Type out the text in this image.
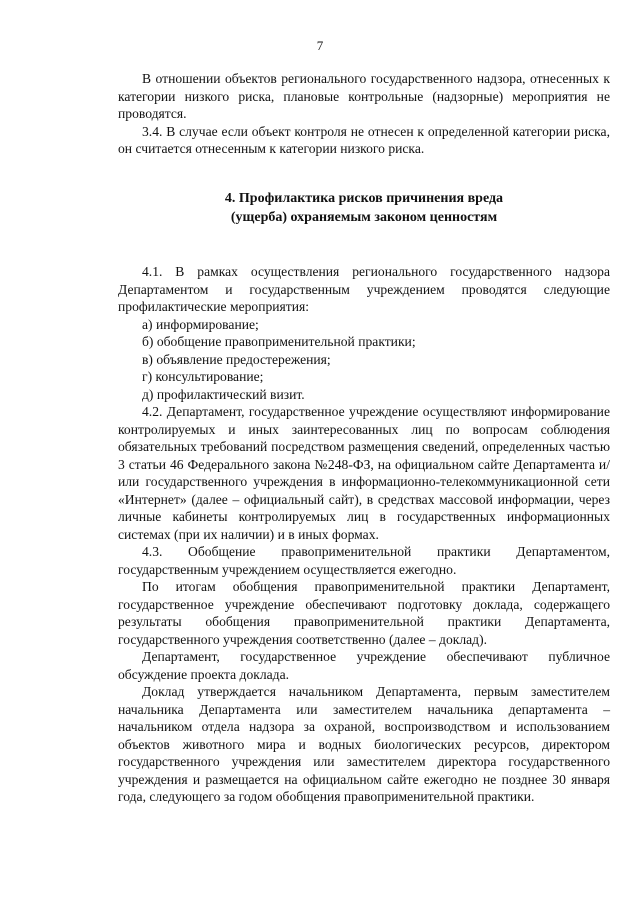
7

В отношении объектов регионального государственного надзора, отнесенных к категории низкого риска, плановые контрольные (надзорные) мероприятия не проводятся.

3.4. В случае если объект контроля не отнесен к определенной категории риска, он считается отнесенным к категории низкого риска.

4. Профилактика рисков причинения вреда
(ущерба) охраняемым законом ценностям

4.1. В рамках осуществления регионального государственного надзора Департаментом и государственным учреждением проводятся следующие профилактические мероприятия:

а) информирование;

б) обобщение правоприменительной практики;

в) объявление предостережения;

г) консультирование;

д) профилактический визит.

4.2. Департамент, государственное учреждение осуществляют информирование контролируемых и иных заинтересованных лиц по вопросам соблюдения обязательных требований посредством размещения сведений, определенных частью 3 статьи 46 Федерального закона №248-ФЗ, на официальном сайте Департамента и/или государственного учреждения в информационно-телекоммуникационной сети «Интернет» (далее – официальный сайт), в средствах массовой информации, через личные кабинеты контролируемых лиц в государственных информационных системах (при их наличии) и в иных формах.

4.3. Обобщение правоприменительной практики Департаментом, государственным учреждением осуществляется ежегодно.

По итогам обобщения правоприменительной практики Департамент, государственное учреждение обеспечивают подготовку доклада, содержащего результаты обобщения правоприменительной практики Департамента, государственного учреждения соответственно (далее – доклад).

Департамент, государственное учреждение обеспечивают публичное обсуждение проекта доклада.

Доклад утверждается начальником Департамента, первым заместителем начальника Департамента или заместителем начальника департамента – начальником отдела надзора за охраной, воспроизводством и использованием объектов животного мира и водных биологических ресурсов, директором государственного учреждения или заместителем директора государственного учреждения и размещается на официальном сайте ежегодно не позднее 30 января года, следующего за годом обобщения правоприменительной практики.
